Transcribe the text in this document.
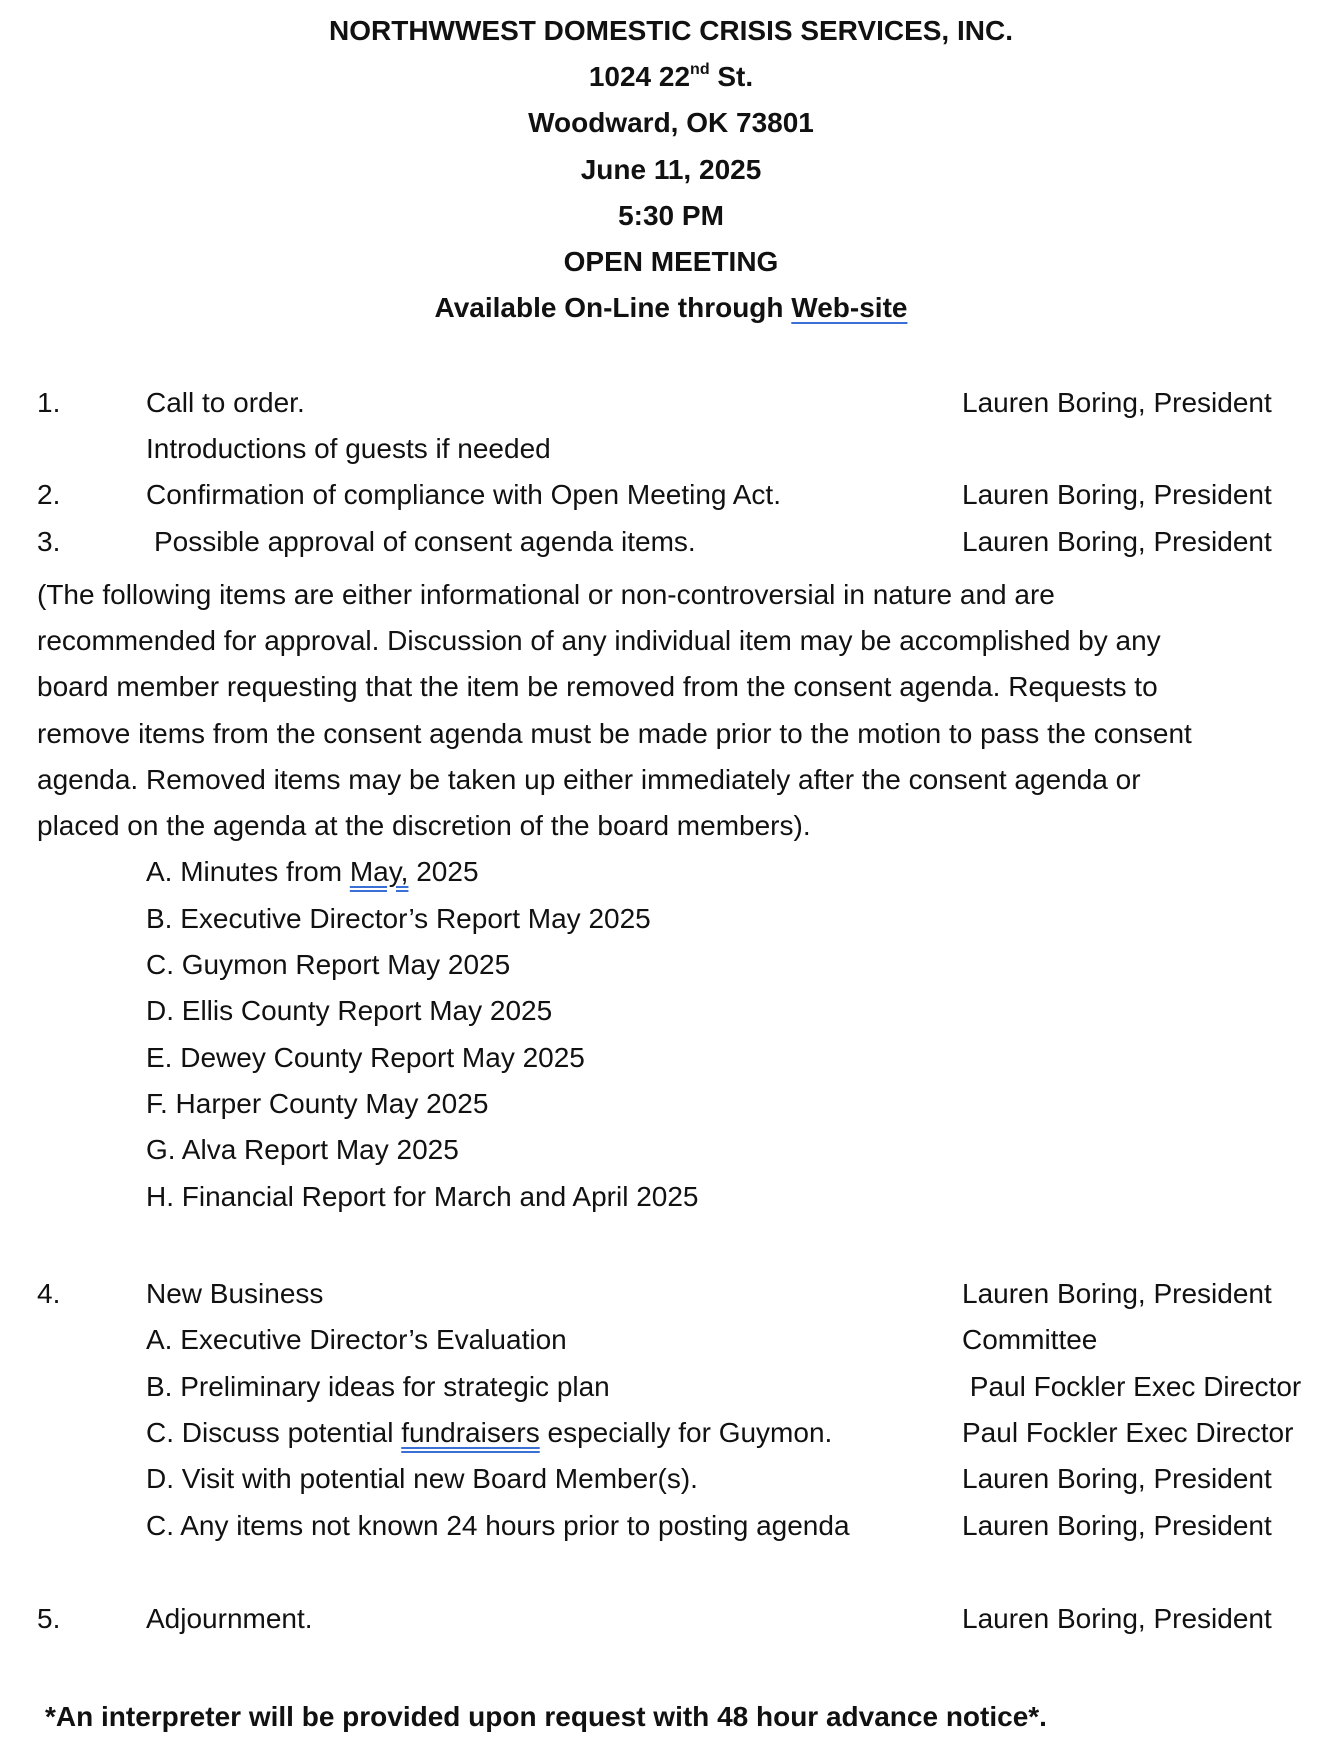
NORTHWWEST DOMESTIC CRISIS SERVICES, INC.
1024 22nd St.
Woodward, OK 73801
June 11, 2025
5:30 PM
OPEN MEETING
Available On-Line through Web-site
1.	Call to order.	Lauren Boring, President
Introductions of guests if needed
2.	Confirmation of compliance with Open Meeting Act.	Lauren Boring, President
3.	Possible approval of consent agenda items.	Lauren Boring, President
(The following items are either informational or non-controversial in nature and are
recommended for approval. Discussion of any individual item may be accomplished by any
board member requesting that the item be removed from the consent agenda. Requests to
remove items from the consent agenda must be made prior to the motion to pass the consent
agenda. Removed items may be taken up either immediately after the consent agenda or
placed on the agenda at the discretion of the board members).
A. Minutes from May, 2025
B. Executive Director’s Report May 2025
C. Guymon Report May 2025
D. Ellis County Report May 2025
E. Dewey County Report May 2025
F. Harper County May 2025
G. Alva Report May 2025
H. Financial Report for March and April 2025
4.	New Business	Lauren Boring, President
A. Executive Director’s Evaluation	Committee
B. Preliminary ideas for strategic plan	Paul Fockler Exec Director
C. Discuss potential fundraisers especially for Guymon.	Paul Fockler Exec Director
D. Visit with potential new Board Member(s).	Lauren Boring, President
C. Any items not known 24 hours prior to posting agenda	Lauren Boring, President
5.	Adjournment.	Lauren Boring, President
*An interpreter will be provided upon request with 48 hour advance notice*.
